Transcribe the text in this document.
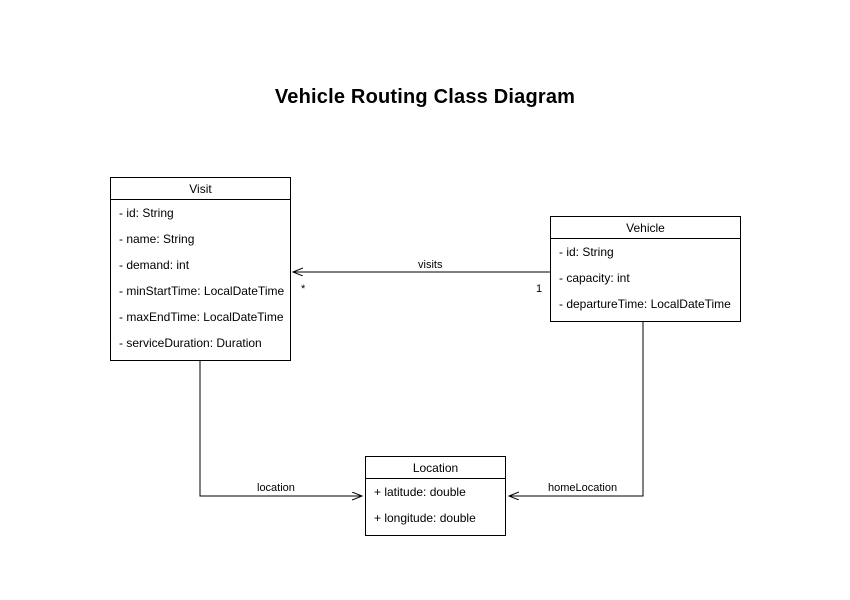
Vehicle Routing Class Diagram
visits
*	1
location	homeLocation
Visit
- id: String
- name: String
- demand: int
- minStartTime: LocalDateTime
- maxEndTime: LocalDateTime
- serviceDuration: Duration
Vehicle
- id: String
- capacity: int
- departureTime: LocalDateTime
Location
+ latitude: double
+ longitude: double
